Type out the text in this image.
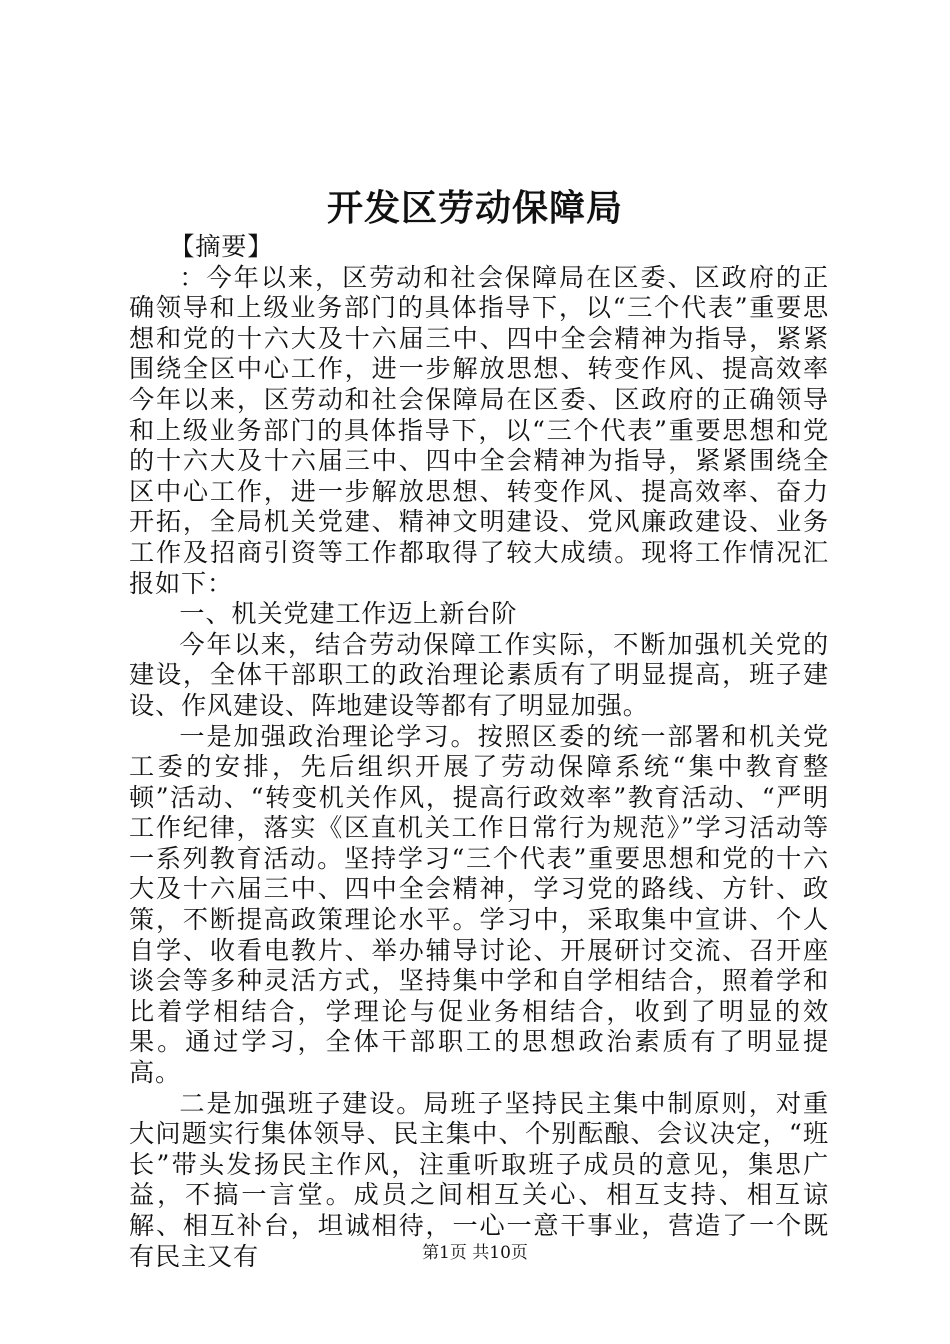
开发区劳动保障局

【摘要】

：今年以来，区劳动和社会保障局在区委、区政府的正确领导和上级业务部门的具体指导下，以“三个代表”重要思想和党的十六大及十六届三中、四中全会精神为指导，紧紧围绕全区中心工作，进一步解放思想、转变作风、提高效率今年以来，区劳动和社会保障局在区委、区政府的正确领导和上级业务部门的具体指导下，以“三个代表”重要思想和党的十六大及十六届三中、四中全会精神为指导，紧紧围绕全区中心工作，进一步解放思想、转变作风、提高效率、奋力开拓，全局机关党建、精神文明建设、党风廉政建设、业务工作及招商引资等工作都取得了较大成绩。现将工作情况汇报如下：

一、机关党建工作迈上新台阶

今年以来，结合劳动保障工作实际，不断加强机关党的建设，全体干部职工的政治理论素质有了明显提高，班子建设、作风建设、阵地建设等都有了明显加强。

一是加强政治理论学习。按照区委的统一部署和机关党工委的安排，先后组织开展了劳动保障系统“集中教育整顿”活动、“转变机关作风，提高行政效率”教育活动、“严明工作纪律，落实《区直机关工作日常行为规范》”学习活动等一系列教育活动。坚持学习“三个代表”重要思想和党的十六大及十六届三中、四中全会精神，学习党的路线、方针、政策，不断提高政策理论水平。学习中，采取集中宣讲、个人自学、收看电教片、举办辅导讨论、开展研讨交流、召开座谈会等多种灵活方式，坚持集中学和自学相结合，照着学和比着学相结合，学理论与促业务相结合，收到了明显的效果。通过学习，全体干部职工的思想政治素质有了明显提高。

二是加强班子建设。局班子坚持民主集中制原则，对重大问题实行集体领导、民主集中、个别酝酿、会议决定，“班长”带头发扬民主作风，注重听取班子成员的意见，集思广益，不搞一言堂。成员之间相互关心、相互支持、相互谅解、相互补台，坦诚相待，一心一意干事业，营造了一个既有民主又有	第1页 共10页
